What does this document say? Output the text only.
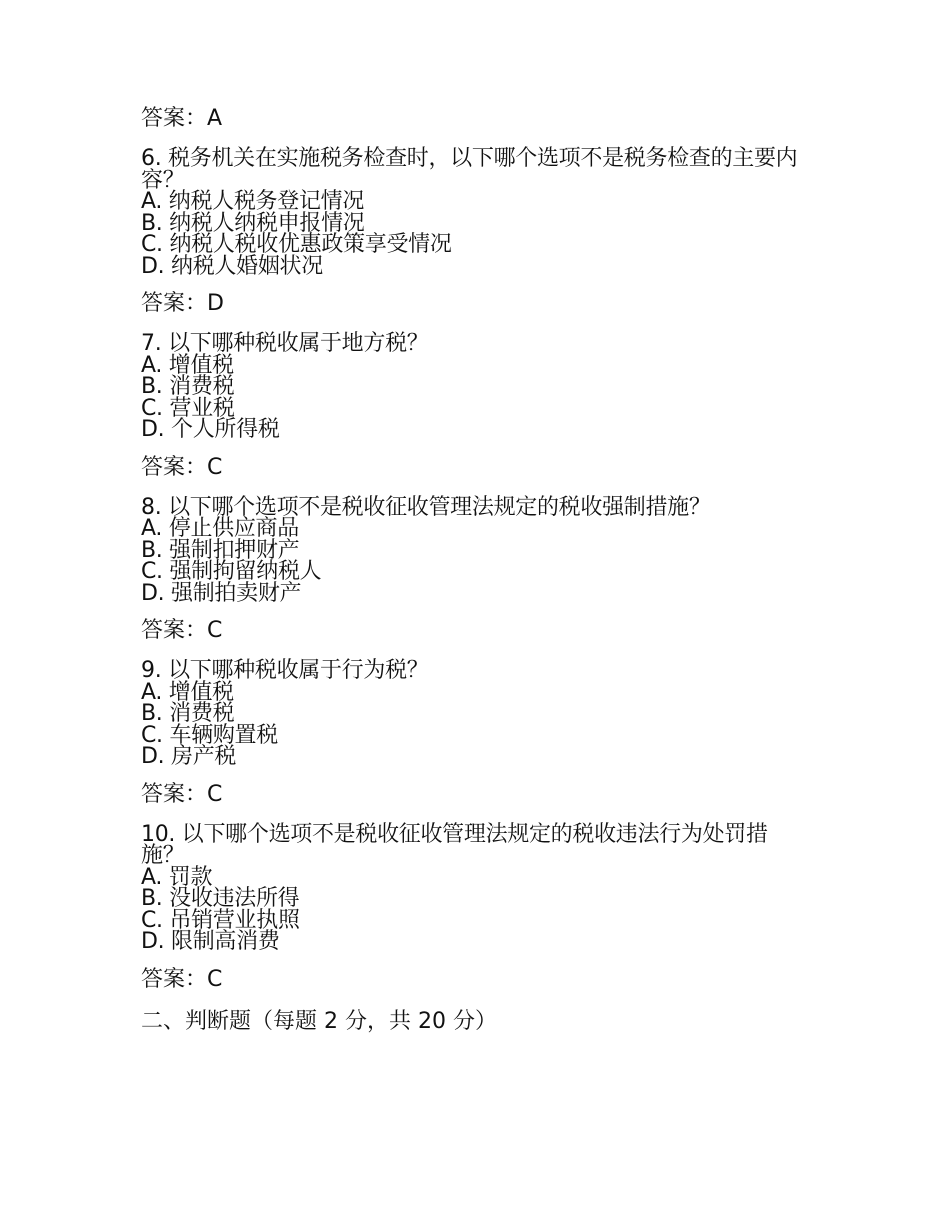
答案：A

6. 税务机关在实施税务检查时，以下哪个选项不是税务检查的主要内容？

A. 纳税人税务登记情况

B. 纳税人纳税申报情况

C. 纳税人税收优惠政策享受情况

D. 纳税人婚姻状况

答案：D

7. 以下哪种税收属于地方税？

A. 增值税

B. 消费税

C. 营业税

D. 个人所得税

答案：C

8. 以下哪个选项不是税收征收管理法规定的税收强制措施？

A. 停止供应商品

B. 强制扣押财产

C. 强制拘留纳税人

D. 强制拍卖财产

答案：C

9. 以下哪种税收属于行为税？

A. 增值税

B. 消费税

C. 车辆购置税

D. 房产税

答案：C

10. 以下哪个选项不是税收征收管理法规定的税收违法行为处罚措施？

A. 罚款

B. 没收违法所得

C. 吊销营业执照

D. 限制高消费

答案：C

二、判断题（每题 2 分，共 20 分）
